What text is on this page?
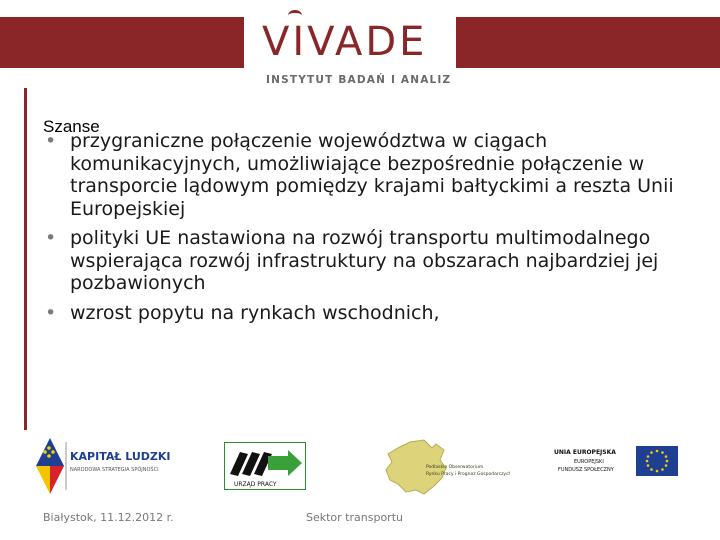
VIVADE
INSTYTUT BADAŃ I ANALIZ
Szanse
• przygraniczne połączenie województwa w ciągach komunikacyjnych, umożliwiające bezpośrednie połączenie w transporcie lądowym pomiędzy krajami bałtyckimi a reszta Unii Europejskiej
• polityki UE nastawiona na rozwój transportu multimodalnego wspierająca rozwój infrastruktury na obszarach najbardziej jej pozbawionych
• wzrost popytu na rynkach wschodnich,
KAPITAŁ LUDZKI
NARODOWA STRATEGIA SPÓJNOŚCI
URZĄD PRACY
Podlaskie Obserwatorium
Rynku Pracy i Prognoz Gospodarczych
UNIA EUROPEJSKA
EUROPEJSKI
FUNDUSZ SPOŁECZNY
Białystok, 11.12.2012 r.	Sektor transportu
